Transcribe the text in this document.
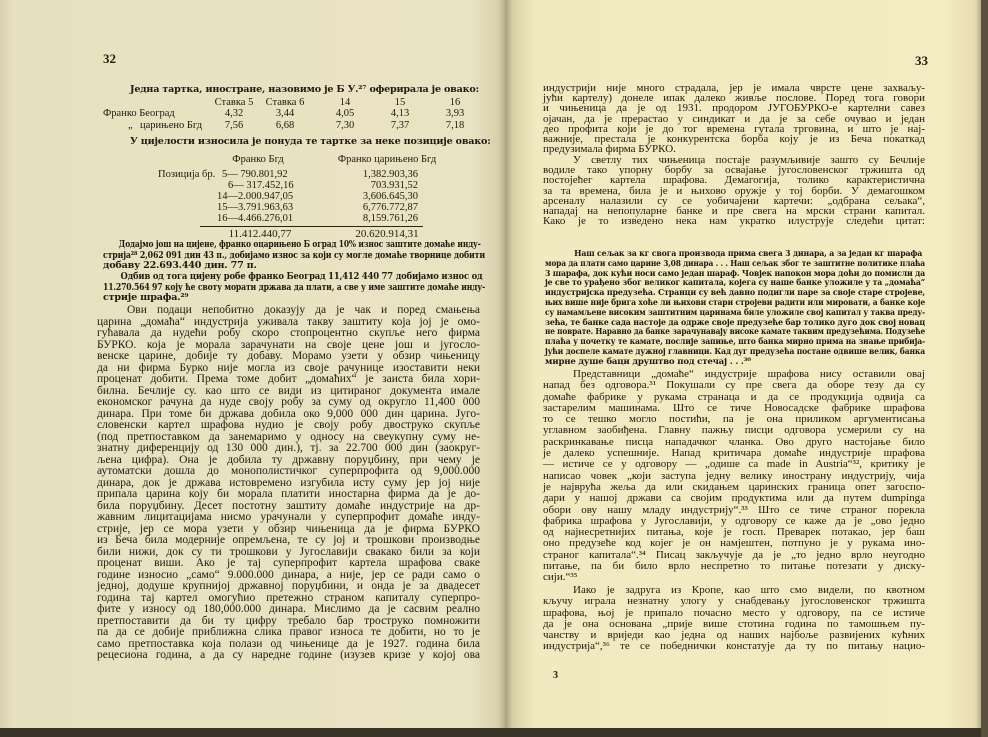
32
Једна тартка, иностране, назовимо је Б У.²⁷ оферирала је овако:
Ставка 5 Ставка 6	14	15	16
Франко Београд	4,32	3,44	4,05	4,13	3,93
„ царињено Бгд 7,56	6,68	7,30	7,37	7,18
У цијелости износила је понуда те тартке за неке позиције овако:
Франко Бгд	Франко царињено Бгд
Позиција бр. 5— 790.801,92	1,382.903,36
6— 317.452,16	703.931,52
14—2.000.947,05	3,606.645,30
15—3.791.963,63	6,776.772,87
16—4.466.276,01	8,159.761,26
11.412.440,77	20.620.914,31
Додајмо још на цијене, франко оцарињено Б оград 10% износ заштите домаће инду-
стрија²⁸ 2,062 091 дин 43 п., добијамо износ за који су могле домаће творнице добити
добаву 22.693.440 дин. 77 п.
Одбив од тога цијену робе франко Београд 11,412 440 77 добијамо износ од
11.270.564 97 коју ће своту морати држава да плати, а све у име заштите домаће инду-
стрије шрафа.²⁹
Ови подаци непобитно доказују да је чак и поред смањења
царина „домаћа“ индустрија уживала такву заштиту која јој је омо-
гућавала да нудећи робу скоро стопроцентно скупље него фирма
БУРКО. која је морала зарачунати на своје цене још и југосло-
венске царине, добије ту добаву. Морамо узети у обзир чињеницу
да ни фирма Бурко није могла из своје рачунице изоставити неки
проценат добити. Према томе добит „домаћих“ је заиста била хори-
билна. Бечлије су. као што се види из цитираног документа имале
економског рачуна да нуде своју робу за суму од округло 11,400 000
динара. При томе би држава добила око 9,000 000 дин царина. Југо-
словенски картел шрафова нудио је своју робу двоструко скупље
(под претпоставком да занемаримо у односу на свеукупну суму не-
знатну диференцију од 130 000 дин.), тј. за 22.700 000 дин (заокруг-
љена цифра). Она је добила ту државну поруџбину, при чему је
аутоматски дошла до монополистичког суперпрофита од 9,000.000
динара, док је држава истовремено изгубила исту суму јер јој није
припала царина коју би морала платити иностарна фирма да је до-
била поруџбину. Десет постотну заштиту домаће индустрије на др-
жавним лицитацијама нисмо урачунали у суперпрофит домаће инду-
стрије, јер се мора узети у обзир чињеница да је фирма БУРКО
из Беча била модерније опремљена, те су јој и трошкови производње
били нижи, док су ти трошкови у Југославији свакако били за који
проценат виши. Ако је тај суперпрофит картела шрафова сваке
године износио „само“ 9.000.000 динара, а није, јер се ради само о
једној, додуше крупнијој државној поруџбини, и онда је за двадесет
година тај картел омогућио претежно страном капиталу суперпро-
фите у износу од 180,000.000 динара. Мислимо да је сасвим реално
претпоставити да би ту цифру требало бар троструко помножити
па да се добије приближна слика правог износа те добити, но то је
само претпоставка која полази од чињенице да је 1927. година била
рецесиона година, а да су наредне године (изузев кризе у којој ова
33
индустрији није много страдала, јер је имала чврсте цене захваљу-
јући картелу) донеле ипак далеко живље послове. Поред тога говори
и чињеница да је од 1931. продором ЈУГОБУРКО-е картелни савез
ојачан, да је прерастао у синдикат и да је за себе очувао и један
део профита који је до тог времена гутала трговина, и што је нај-
важније, престала је конкурентска борба коју је из Беча покаткад
предузимала фирма БУРКО.
У светлу тих чињеница постаје разумљивије зашто су Бечлије
водиле тако упорну борбу за освајање југословенског тржишта од
постојећег картела шрафова. Демагогија, толико карактеристична
за та времена, била је и њихово оружје у тој борби. У демагошком
арсеналу налазили су се уобичајени картечи: „одбрана сељака“,
нападај на непопуларне банке и пре свега на мрски страни капитал.
Како је то изведено нека нам укратко илуструје следећи цитат:
Наш сељак за кг свога производа прима свега 3 динара, а за један кг шарафа
мора да плати само царине 3,08 динара . . . Наш сељак због те заштитне политике плаћа
3 шарафа, док кући носи само један шараф. Човјек напокон мора доћи до помисли да
је све то урађено због великог капитала, којега су наше банке уложиле у та „домаћа“
индустријска предузећа. Странци су већ давно подигли паре за своје старе стројеве,
њих више није брига хоће ли њихови стари стројеви радити или мировати, а банке које
су намамљене високим заштитним царинама биле уложиле свој капитал у таква преду-
зећа, те банке сада настоје да одрже своје предузеће бар толико дуго док свој новац
не поврате. Наравно да банке зарачунавају високе камате таквим предузећима. Подузеће
плаћа у почетку те камате, послије запиње, што банка мирно прима на знање прибија-
јући доспеле камате дужној главници. Кад дуг предузећа постане одвише велик, банка
мирне душе баци друштво под стечај . . .³⁰
Представници „домаће“ индустрије шрафова нису оставили овај
напад без одговора.³¹ Покушали су пре свега да оборе тезу да су
домаће фабрике у рукама странаца и да се продукција одвија са
застарелим машинама. Што се тиче Новосадске фабрике шрафова
то се тешко могло постићи, па је она приликом аргументисања
углавном заобиђена. Главну пажњу писци одговора усмерили су на
раскринкавање писца нападачког чланка. Ово друго настојање било
је далеко успешније. Напад критичара домаће индустрије шрафова
— истиче се у одговору — „одише са made in Austria“³², критику је
написао човек „који заступа једну велику инострану индустрију, чија
је најврућа жеља да или скидањем царинских граница опет загоспо-
дари у нашој држави са својим продуктима или да путем dumpinga
обори ову нашу младу индустрију“.³³ Што се тиче страног порекла
фабрика шрафова у Југославији, у одговору се каже да је „ово једно
од најнесретнијих питања, које је госп. Преварек потакао, јер баш
оно предузеће код којег је он намјештен, потпуно је у рукама ино-
страног капитала“.³⁴ Писац закључује да је „то једно врло неугодно
питање, па би било врло неспретно то питање потезати у диску-
сији.“³⁵
Иако је задруга из Кропе, као што смо видели, по квотном
кључу играла незнатну улогу у снабдевању југословенског тржишта
шрафова, њој је припало почасно место у одговору, па се истиче
да је она основана „прије више стотина година по тамошњем пу-
чанству и вриједи као једна од наших најбоље развијених кућних
индустрија“,³⁶ те се победнички констатује да ту по питању нацио-
3
